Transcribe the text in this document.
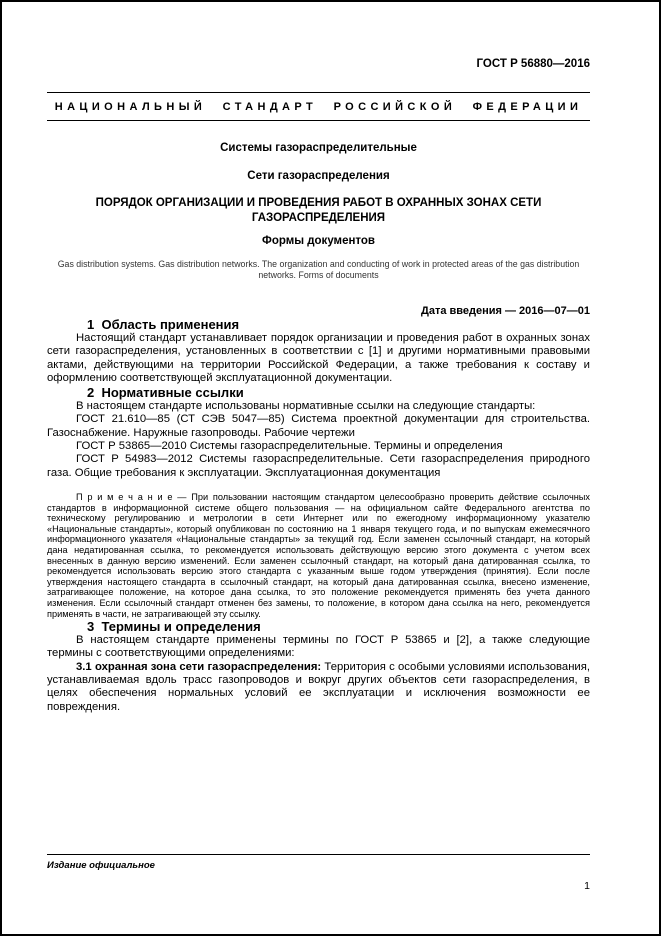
ГОСТ Р 56880—2016
НАЦИОНАЛЬНЫЙ СТАНДАРТ РОССИЙСКОЙ ФЕДЕРАЦИИ
Системы газораспределительные
Сети газораспределения
ПОРЯДОК ОРГАНИЗАЦИИ И ПРОВЕДЕНИЯ РАБОТ В ОХРАННЫХ ЗОНАХ СЕТИ ГАЗОРАСПРЕДЕЛЕНИЯ
Формы документов
Gas distribution systems. Gas distribution networks. The organization and conducting of work in protected areas of the gas distribution networks. Forms of documents
Дата введения — 2016—07—01
1  Область применения

Настоящий стандарт устанавливает порядок организации и проведения работ в охранных зонах сети газораспределения, установленных в соответствии с [1] и другими нормативными правовыми актами, действующими на территории Российской Федерации, а также требования к составу и оформлению соответствующей эксплуатационной документации.

2  Нормативные ссылки

В настоящем стандарте использованы нормативные ссылки на следующие стандарты:

ГОСТ 21.610—85 (СТ СЭВ 5047—85) Система проектной документации для строительства. Газоснабжение. Наружные газопроводы. Рабочие чертежи

ГОСТ Р 53865—2010 Системы газораспределительные. Термины и определения

ГОСТ Р 54983—2012 Системы газораспределительные. Сети газораспределения природного газа. Общие требования к эксплуатации. Эксплуатационная документация

П р и м е ч а н и е — При пользовании настоящим стандартом целесообразно проверить действие ссылочных стандартов в информационной системе общего пользования — на официальном сайте Федерального агентства по техническому регулированию и метрологии в сети Интернет или по ежегодному информационному указателю «Национальные стандарты», который опубликован по состоянию на 1 января текущего года, и по выпускам ежемесячного информационного указателя «Национальные стандарты» за текущий год. Если заменен ссылочный стандарт, на который дана недатированная ссылка, то рекомендуется использовать действующую версию этого документа с учетом всех внесенных в данную версию изменений. Если заменен ссылочный стандарт, на который дана датированная ссылка, то рекомендуется использовать версию этого стандарта с указанным выше годом утверждения (принятия). Если после утверждения настоящего стандарта в ссылочный стандарт, на который дана датированная ссылка, внесено изменение, затрагивающее положение, на которое дана ссылка, то это положение рекомендуется применять без учета данного изменения. Если ссылочный стандарт отменен без замены, то положение, в котором дана ссылка на него, рекомендуется применять в части, не затрагивающей эту ссылку.

3  Термины и определения

В настоящем стандарте применены термины по ГОСТ Р 53865 и [2], а также следующие термины с соответствующими определениями:

3.1 охранная зона сети газораспределения: Территория с особыми условиями использования, устанавливаемая вдоль трасс газопроводов и вокруг других объектов сети газораспределения, в целях обеспечения нормальных условий ее эксплуатации и исключения возможности ее повреждения.

Издание официальное
1
